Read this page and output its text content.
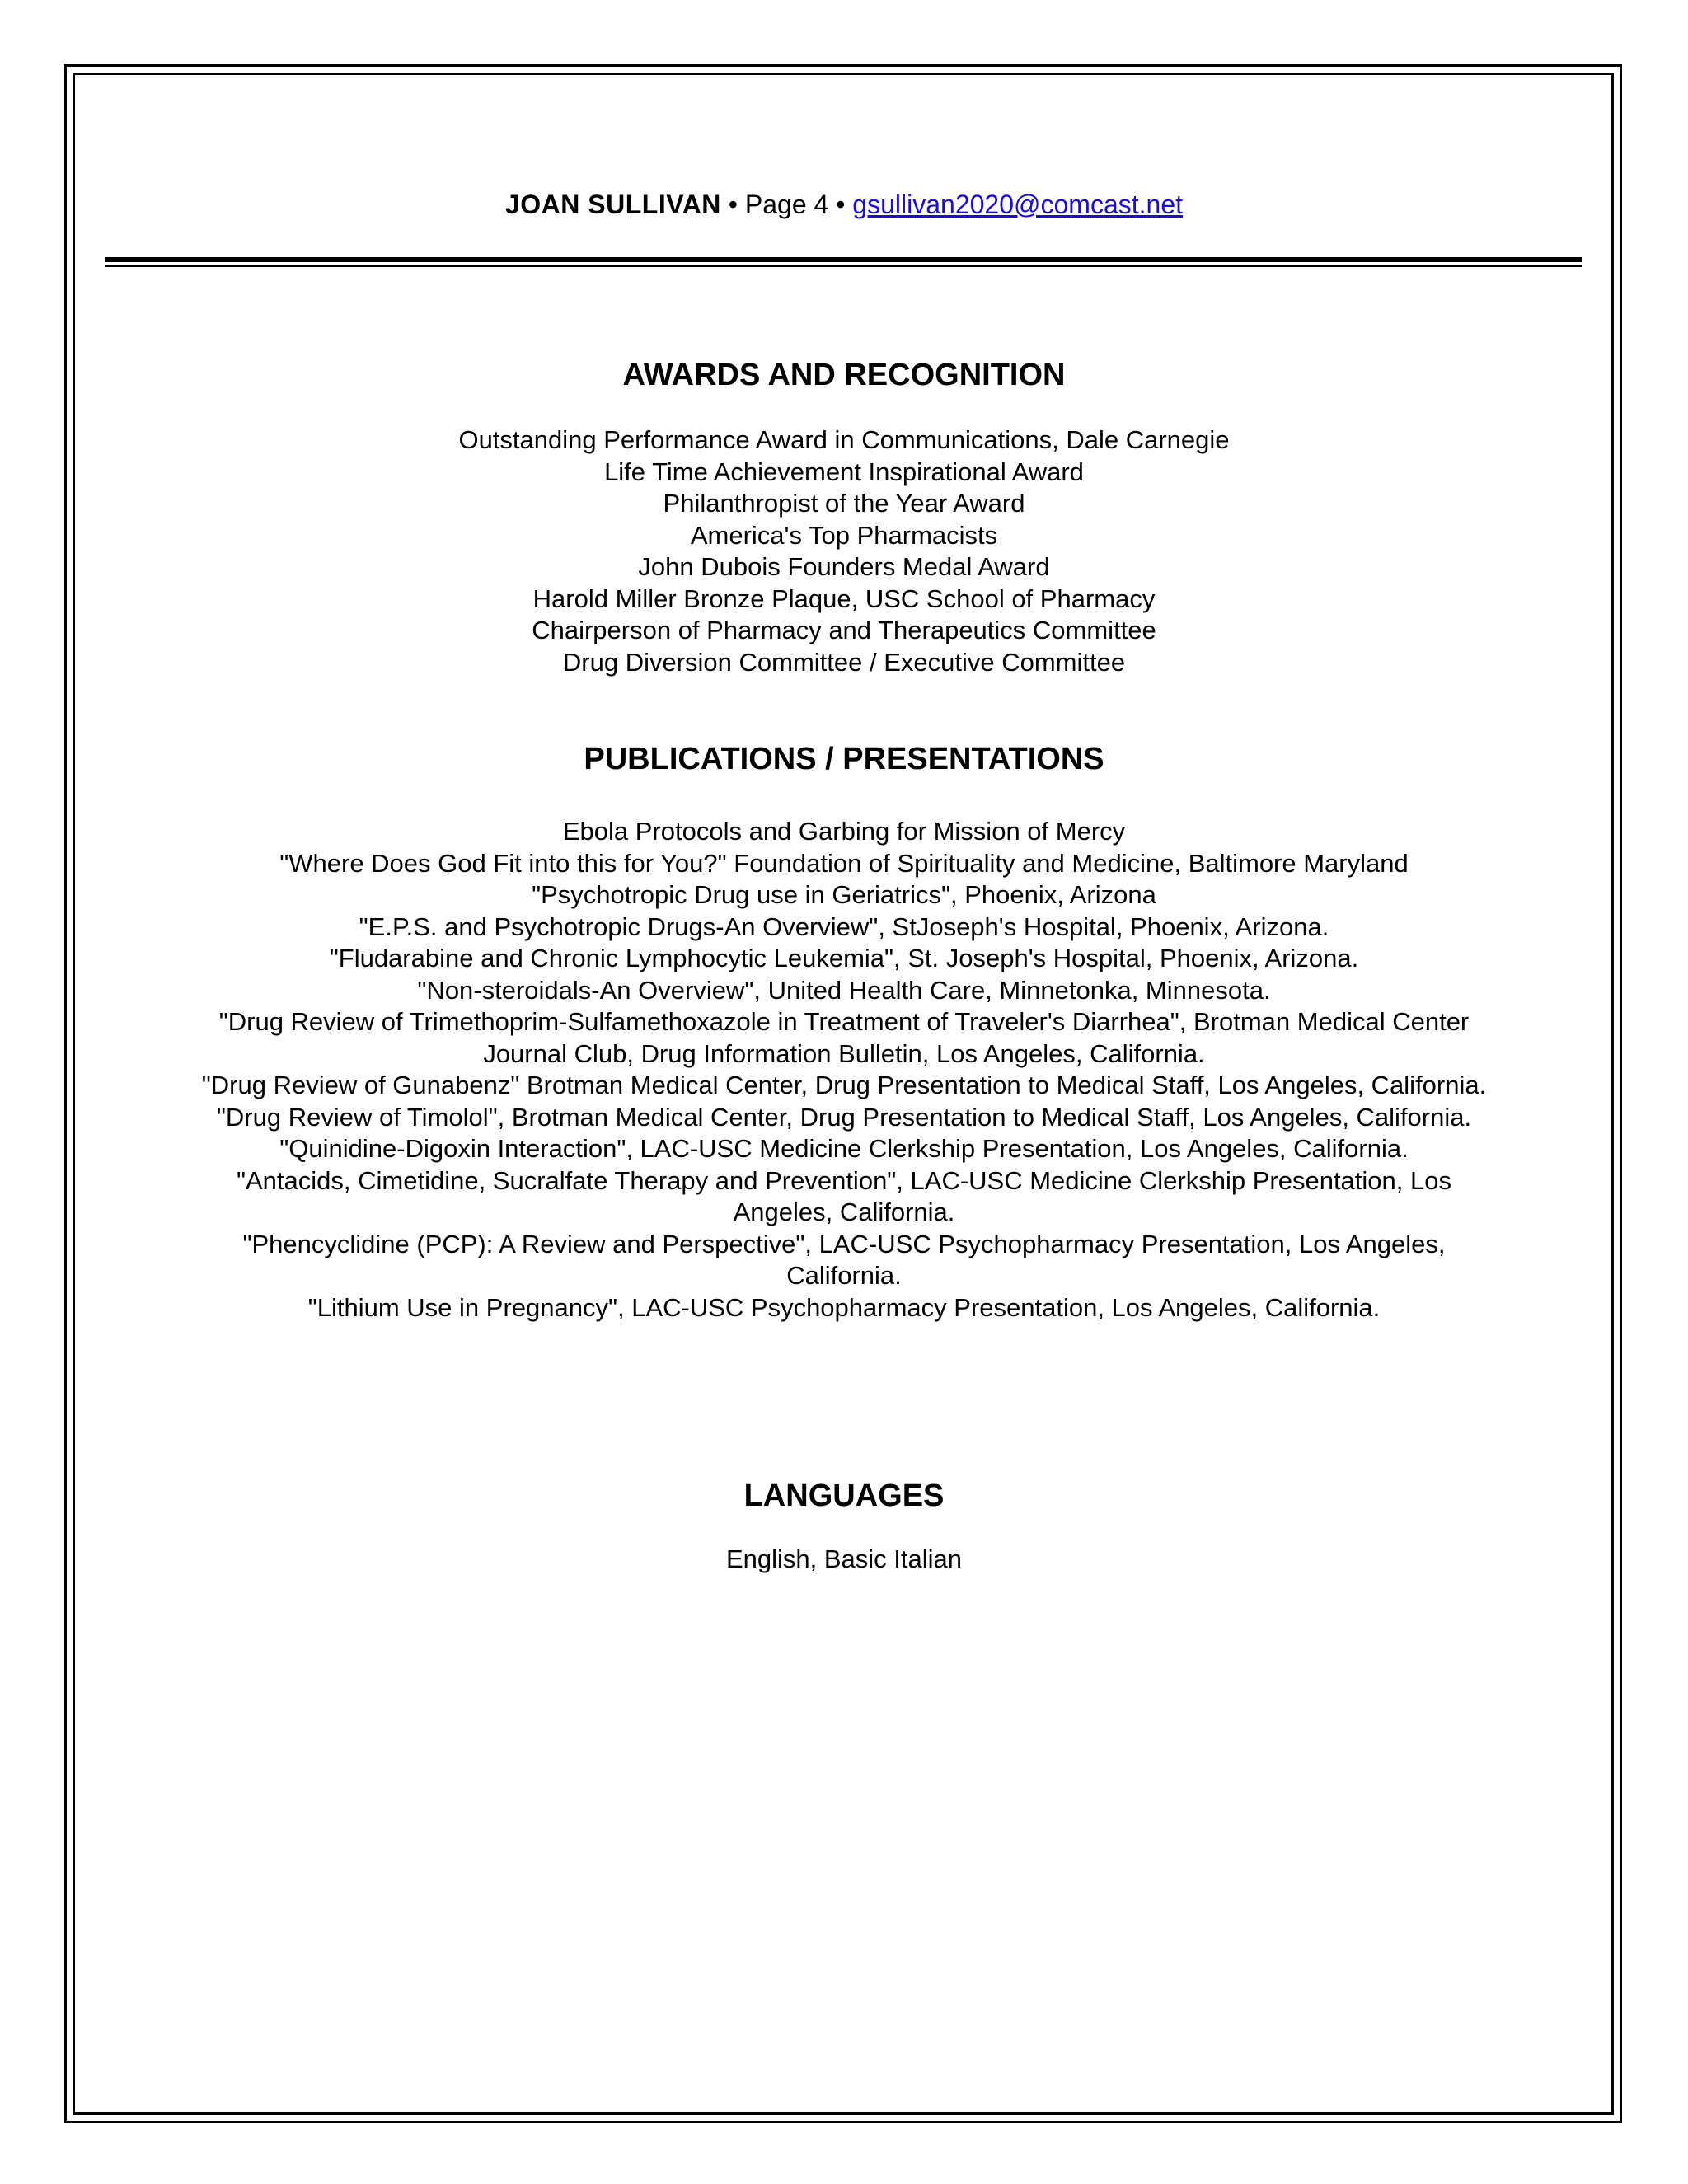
JOAN SULLIVAN • Page 4 • gsullivan2020@comcast.net
AWARDS AND RECOGNITION
Outstanding Performance Award in Communications, Dale Carnegie
Life Time Achievement Inspirational Award
Philanthropist of the Year Award
America's Top Pharmacists
John Dubois Founders Medal Award
Harold Miller Bronze Plaque, USC School of Pharmacy
Chairperson of Pharmacy and Therapeutics Committee
Drug Diversion Committee / Executive Committee
PUBLICATIONS / PRESENTATIONS
Ebola Protocols and Garbing for Mission of Mercy
"Where Does God Fit into this for You?" Foundation of Spirituality and Medicine, Baltimore Maryland
"Psychotropic Drug use in Geriatrics", Phoenix, Arizona
"E.P.S. and Psychotropic Drugs-An Overview", StJoseph's Hospital, Phoenix, Arizona.
"Fludarabine and Chronic Lymphocytic Leukemia", St. Joseph's Hospital, Phoenix, Arizona.
"Non-steroidals-An Overview", United Health Care, Minnetonka, Minnesota.
"Drug Review of Trimethoprim-Sulfamethoxazole in Treatment of Traveler's Diarrhea", Brotman Medical Center Journal Club, Drug Information Bulletin, Los Angeles, California.
"Drug Review of Gunabenz" Brotman Medical Center, Drug Presentation to Medical Staff, Los Angeles, California.
"Drug Review of Timolol", Brotman Medical Center, Drug Presentation to Medical Staff, Los Angeles, California.
"Quinidine-Digoxin Interaction", LAC-USC Medicine Clerkship Presentation, Los Angeles, California.
"Antacids, Cimetidine, Sucralfate Therapy and Prevention", LAC-USC Medicine Clerkship Presentation, Los Angeles, California.
"Phencyclidine (PCP): A Review and Perspective", LAC-USC Psychopharmacy Presentation, Los Angeles, California.
"Lithium Use in Pregnancy", LAC-USC Psychopharmacy Presentation, Los Angeles, California.
LANGUAGES
English, Basic Italian
